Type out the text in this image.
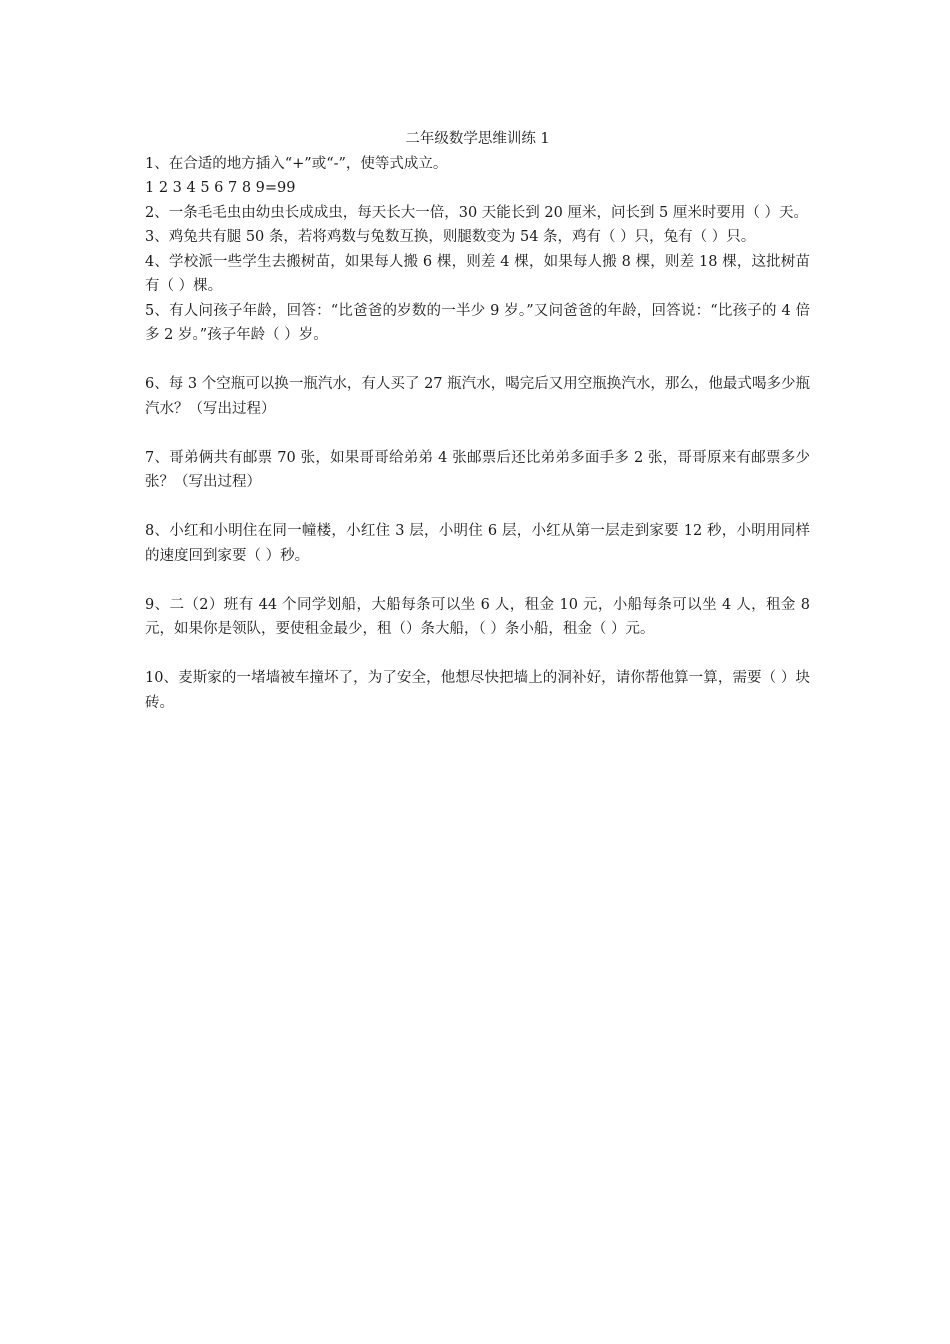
二年级数学思维训练 1

1、在合适的地方插入“+”或“-”，使等式成立。

1 2 3 4 5 6 7 8 9=99

2、一条毛毛虫由幼虫长成成虫，每天长大一倍，30 天能长到 20 厘米，问长到 5 厘米时要用（ ）天。

3、鸡兔共有腿 50 条，若将鸡数与兔数互换，则腿数变为 54 条，鸡有（ ）只，兔有（ ）只。

4、学校派一些学生去搬树苗，如果每人搬 6 棵，则差 4 棵，如果每人搬 8 棵，则差 18 棵，这批树苗有（ ）棵。

5、有人问孩子年龄，回答：“比爸爸的岁数的一半少 9 岁。”又问爸爸的年龄，回答说：“比孩子的 4 倍多 2 岁。”孩子年龄（ ）岁。

6、每 3 个空瓶可以换一瓶汽水，有人买了 27 瓶汽水，喝完后又用空瓶换汽水，那么，他最式喝多少瓶汽水？（写出过程）

7、哥弟俩共有邮票 70 张，如果哥哥给弟弟 4 张邮票后还比弟弟多面手多 2 张，哥哥原来有邮票多少张？（写出过程）

8、小红和小明住在同一幢楼，小红住 3 层，小明住 6 层，小红从第一层走到家要 12 秒，小明用同样的速度回到家要（ ）秒。

9、二（2）班有 44 个同学划船，大船每条可以坐 6 人，租金 10 元，小船每条可以坐 4 人，租金 8 元，如果你是领队，要使租金最少，租（）条大船，（ ）条小船，租金（ ）元。

10、麦斯家的一堵墙被车撞坏了，为了安全，他想尽快把墙上的洞补好，请你帮他算一算，需要（ ）块砖。
